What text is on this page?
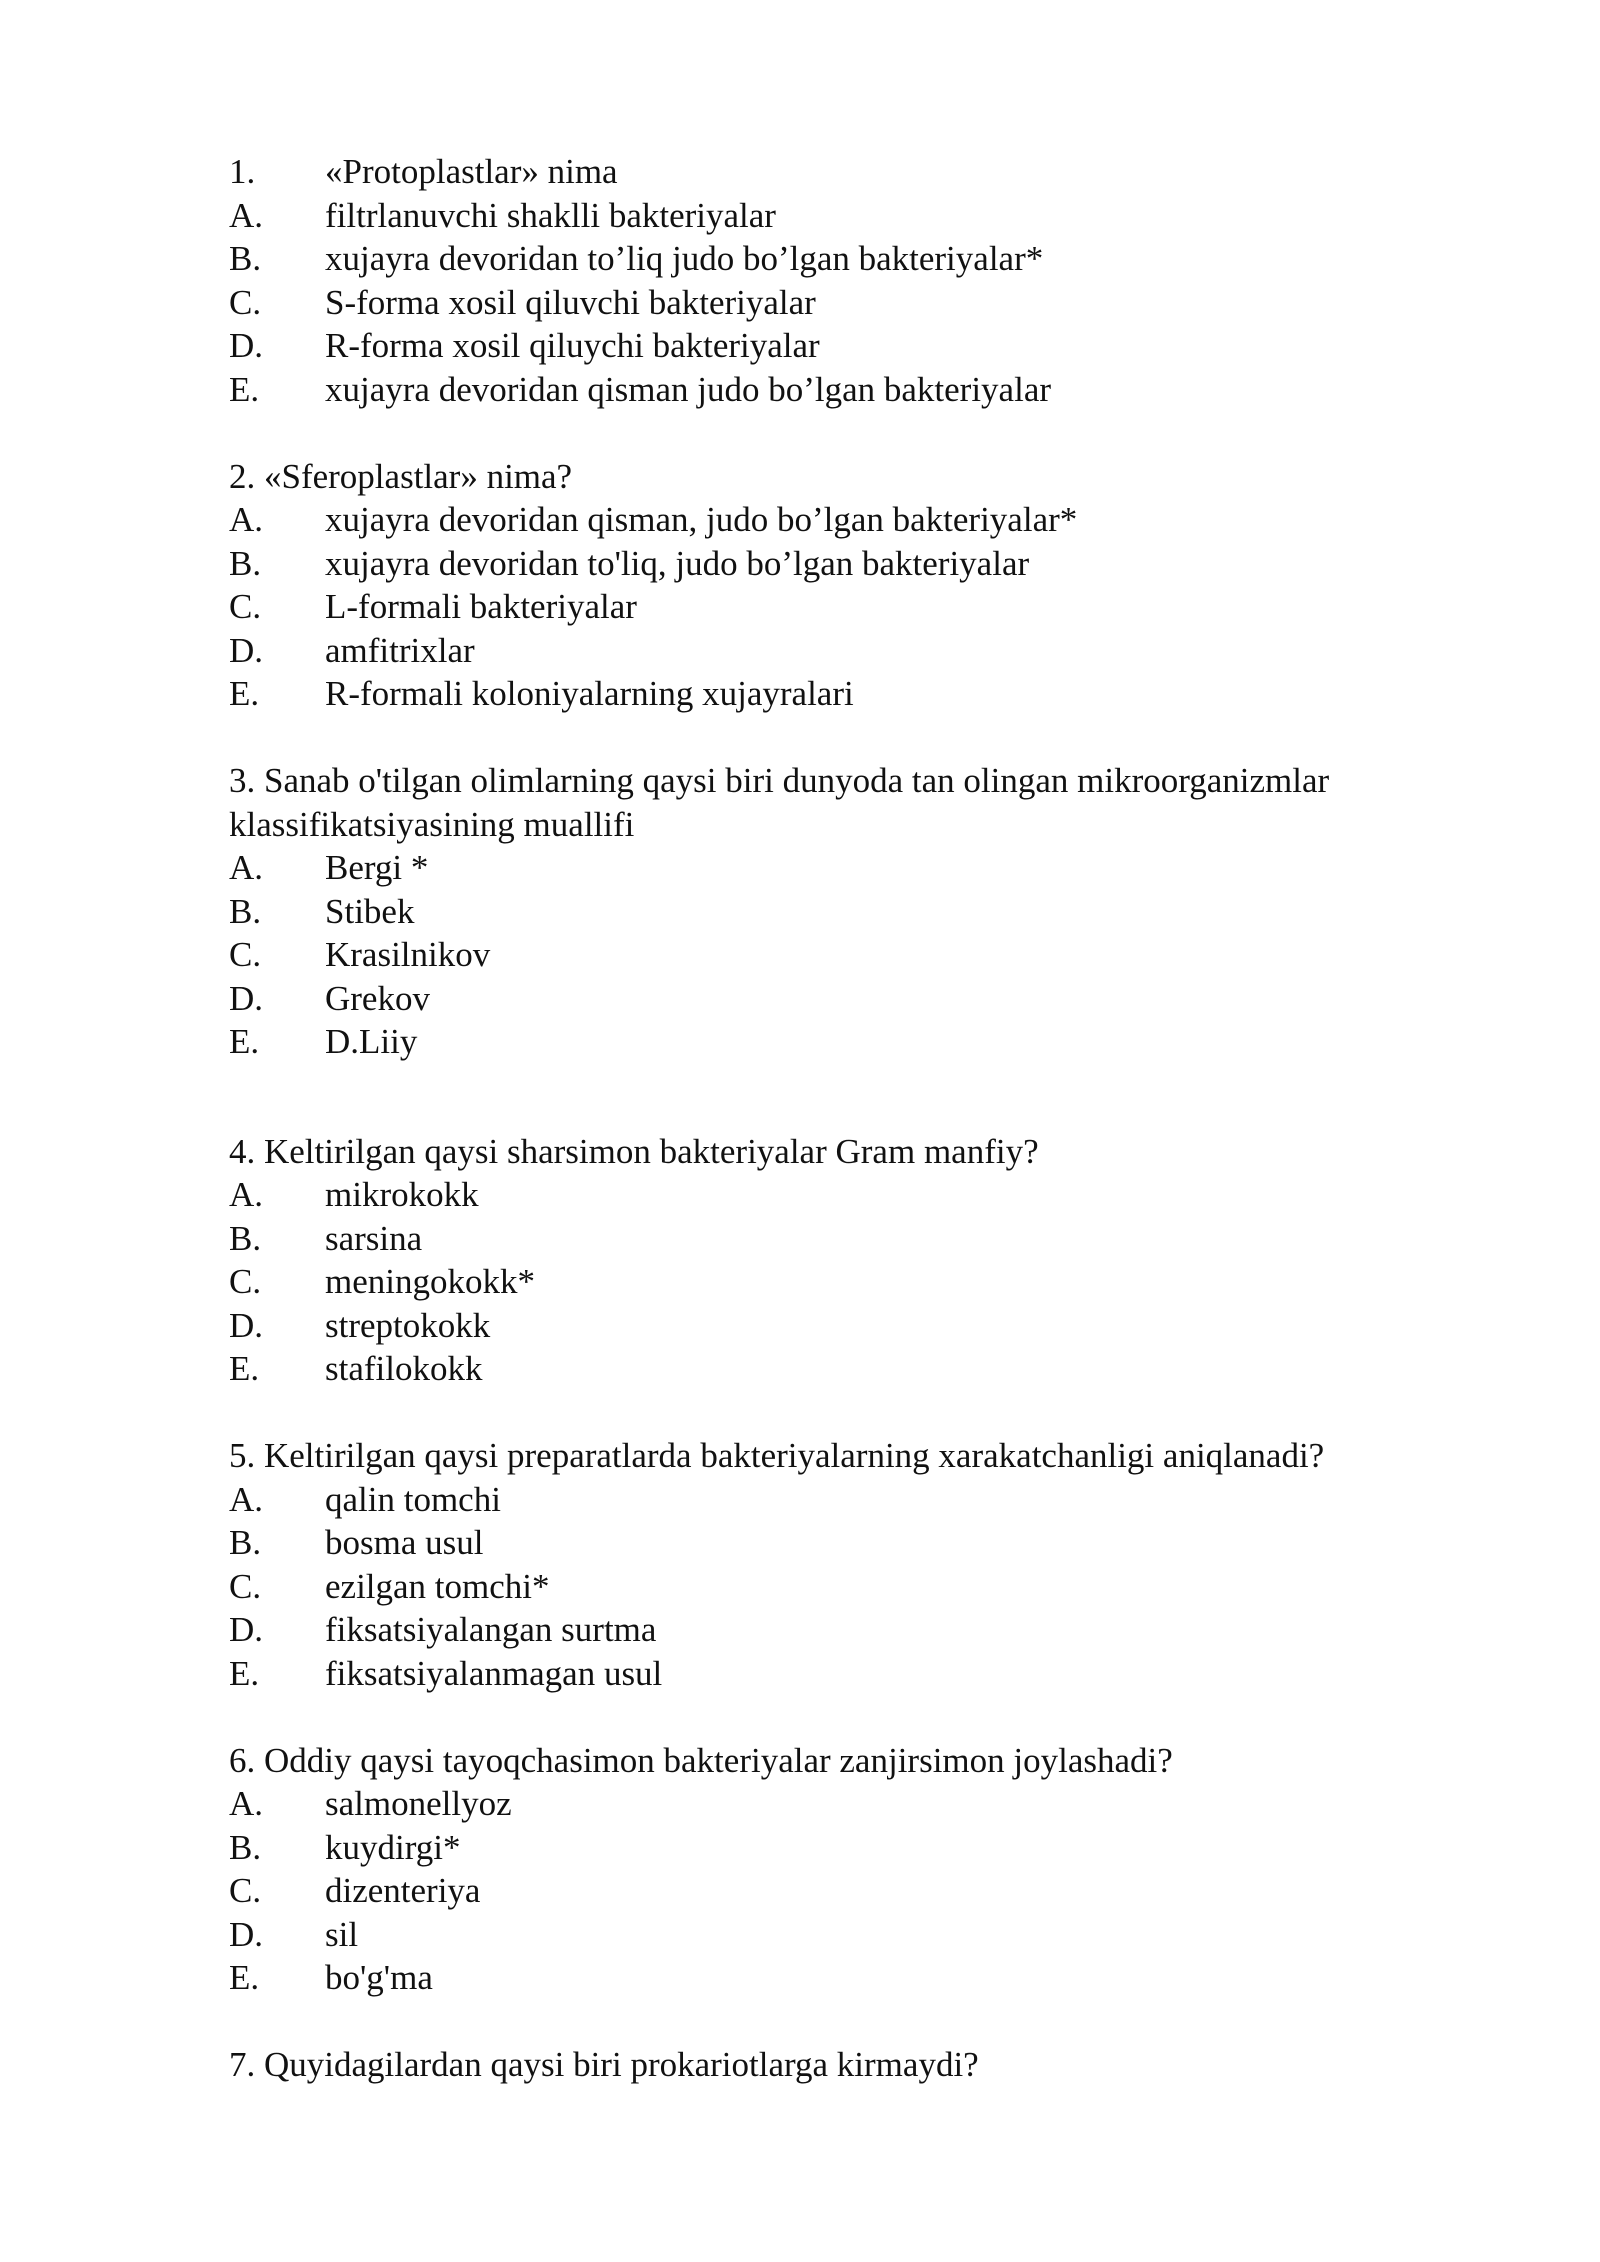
1. «Protoplastlar» nima
A. filtrlanuvchi shaklli bakteriyalar
B. xujayra devoridan to’liq judo bo’lgan bakteriyalar*
C. S-forma xosil qiluvchi bakteriyalar
D. R-forma xosil qiluychi bakteriyalar
E. xujayra devoridan qisman judo bo’lgan bakteriyalar
2. «Sferoplastlar» nima?
A. xujayra devoridan qisman, judo bo’lgan bakteriyalar*
B. xujayra devoridan to'liq, judo bo’lgan bakteriyalar
C. L-formali bakteriyalar
D. amfitrixlar
E. R-formali koloniyalarning xujayralari
3. Sanab o'tilgan olimlarning qaysi biri dunyoda tan olingan mikroorganizmlar
klassifikatsiyasining muallifi
A. Bergi *
B. Stibek
C. Krasilnikov
D. Grekov
E. D.Liiy
4. Keltirilgan qaysi sharsimon bakteriyalar Gram manfiy?
A. mikrokokk
B. sarsina
C. meningokokk*
D. streptokokk
E. stafilokokk
5. Keltirilgan qaysi preparatlarda bakteriyalarning xarakatchanligi aniqlanadi?
A. qalin tomchi
B. bosma usul
C. ezilgan tomchi*
D. fiksatsiyalangan surtma
E. fiksatsiyalanmagan usul
6. Oddiy qaysi tayoqchasimon bakteriyalar zanjirsimon joylashadi?
A. salmonellyoz
B. kuydirgi*
C. dizenteriya
D. sil
E. bo'g'ma
7. Quyidagilardan qaysi biri prokariotlarga kirmaydi?
